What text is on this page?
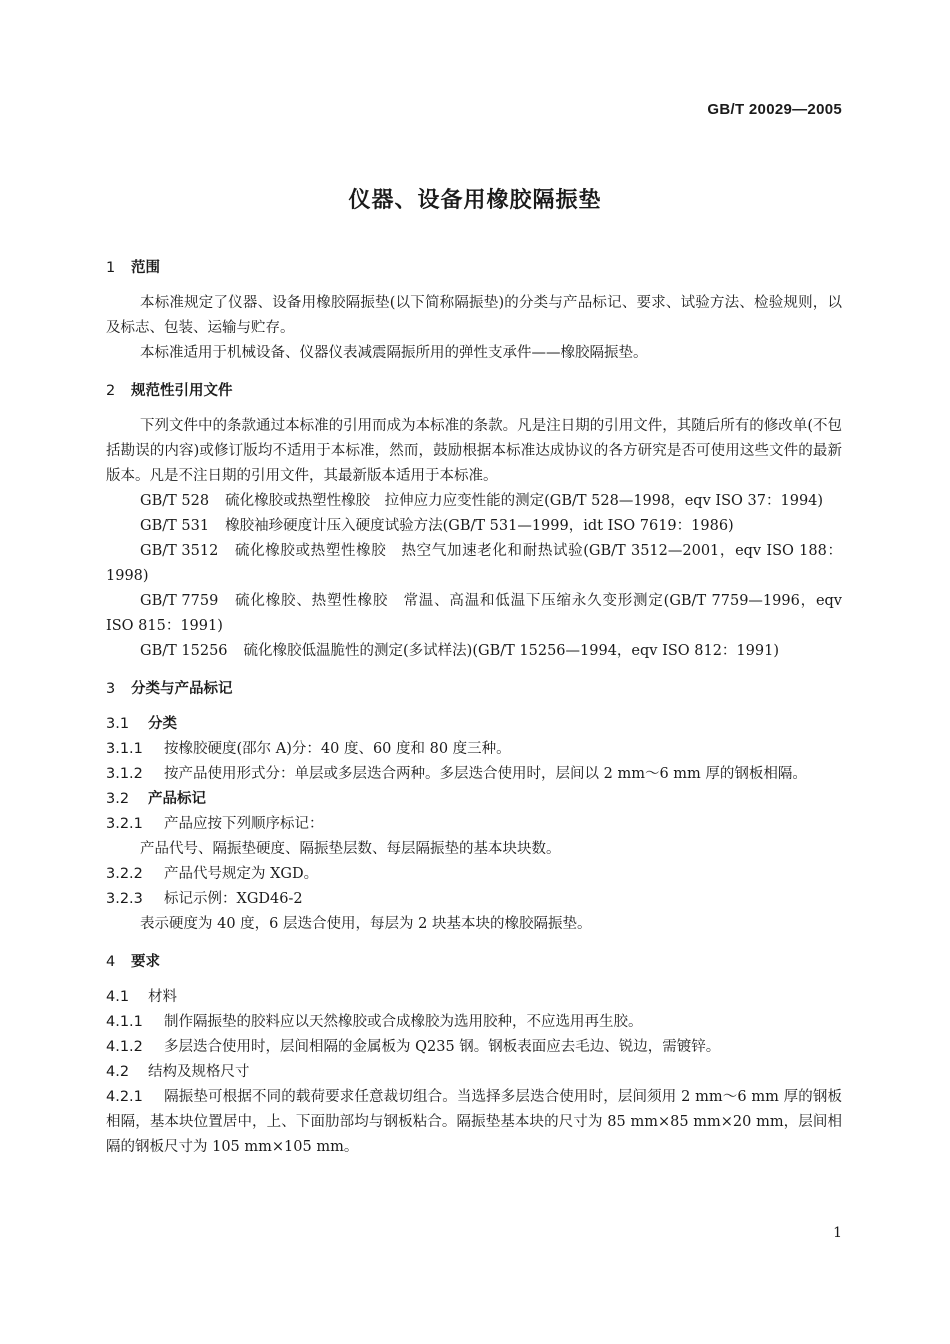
GB/T 20029—2005
仪器、设备用橡胶隔振垫
1 范围
本标准规定了仪器、设备用橡胶隔振垫(以下简称隔振垫)的分类与产品标记、要求、试验方法、检验规则，以及标志、包装、运输与贮存。
本标准适用于机械设备、仪器仪表减震隔振所用的弹性支承件——橡胶隔振垫。
2 规范性引用文件
下列文件中的条款通过本标准的引用而成为本标准的条款。凡是注日期的引用文件，其随后所有的修改单(不包括勘误的内容)或修订版均不适用于本标准，然而，鼓励根据本标准达成协议的各方研究是否可使用这些文件的最新版本。凡是不注日期的引用文件，其最新版本适用于本标准。
GB/T 528 硫化橡胶或热塑性橡胶　拉伸应力应变性能的测定(GB/T 528—1998，eqv ISO 37：1994)
GB/T 531 橡胶袖珍硬度计压入硬度试验方法(GB/T 531—1999，idt ISO 7619：1986)
GB/T 3512 硫化橡胶或热塑性橡胶　热空气加速老化和耐热试验(GB/T 3512—2001，eqv ISO 188：1998)
GB/T 7759 硫化橡胶、热塑性橡胶　常温、高温和低温下压缩永久变形测定(GB/T 7759—1996，eqv ISO 815：1991)
GB/T 15256 硫化橡胶低温脆性的测定(多试样法)(GB/T 15256—1994，eqv ISO 812：1991)
3 分类与产品标记
3.1 分类
3.1.1 按橡胶硬度(邵尔 A)分：40 度、60 度和 80 度三种。
3.1.2 按产品使用形式分：单层或多层迭合两种。多层迭合使用时，层间以 2 mm～6 mm 厚的钢板相隔。
3.2 产品标记
3.2.1 产品应按下列顺序标记：
产品代号、隔振垫硬度、隔振垫层数、每层隔振垫的基本块块数。
3.2.2 产品代号规定为 XGD。
3.2.3 标记示例：XGD46-2
表示硬度为 40 度，6 层迭合使用，每层为 2 块基本块的橡胶隔振垫。
4 要求
4.1 材料
4.1.1 制作隔振垫的胶料应以天然橡胶或合成橡胶为选用胶种，不应选用再生胶。
4.1.2 多层迭合使用时，层间相隔的金属板为 Q235 钢。钢板表面应去毛边、锐边，需镀锌。
4.2 结构及规格尺寸
4.2.1 隔振垫可根据不同的载荷要求任意裁切组合。当选择多层迭合使用时，层间须用 2 mm～6 mm 厚的钢板相隔，基本块位置居中，上、下面肋部均与钢板粘合。隔振垫基本块的尺寸为 85 mm×85 mm×20 mm，层间相隔的钢板尺寸为 105 mm×105 mm。
1
